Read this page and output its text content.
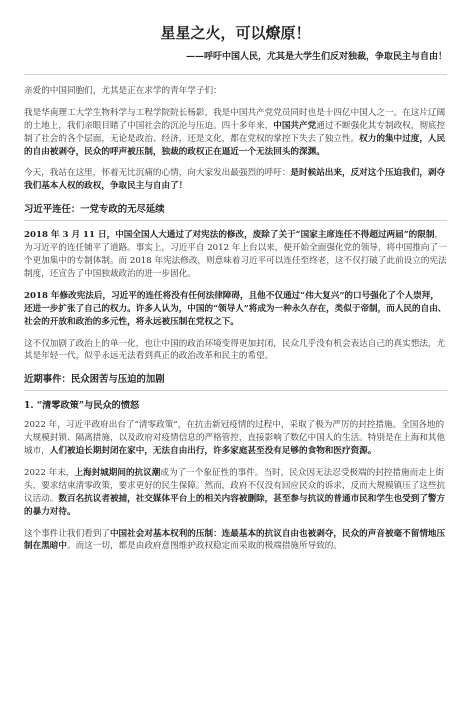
星星之火，可以燎原！
——呼吁中国人民，尤其是大学生们反对独裁，争取民主与自由！

亲爱的中国同胞们，尤其是正在求学的青年学子们：

我是华南理工大学生物科学与工程学院院长杨影，我是中国共产党党员同时也是十四亿中国人之一。在这片辽阔的土地上，我们亲眼目睹了中国社会的沉沦与压迫。四十多年来，中国共产党通过不断强化其专制政权，彻底控制了社会的各个层面，无论是政治、经济，还是文化，都在党权的掌控下失去了独立性。权力的集中过度，人民的自由被剥夺，民众的呼声被压制，独裁的政权正在逼近一个无法回头的深渊。

今天，我站在这里，怀着无比沉痛的心情，向大家发出最强烈的呼吁：是时候站出来，反对这个压迫我们，剥夺我们基本人权的政权，争取民主与自由了！

习近平连任：一党专政的无尽延续

2018 年 3 月 11 日，中国全国人大通过了对宪法的修改，废除了关于“国家主席连任不得超过两届”的限制，为习近平的连任铺平了道路。事实上，习近平自 2012 年上台以来，便开始全面强化党的领导，将中国推向了一个更加集中的专制体制。而 2018 年宪法修改，则意味着习近平可以连任至终老，这不仅打破了此前设立的宪法制度，还宣告了中国独裁政治的进一步固化。

2018 年修改宪法后，习近平的连任将没有任何法律障碍，且他不仅通过“伟大复兴”的口号强化了个人崇拜，还进一步扩张了自己的权力。许多人认为，中国的“领导人”将成为一种永久存在，类似于帝制，而人民的自由、社会的开放和政治的多元性，将永远被压制在党权之下。

这不仅加剧了政治上的单一化，也让中国的政治环境变得更加封闭，民众几乎没有机会表达自己的真实想法，尤其是年轻一代，似乎永远无法看到真正的政治改革和民主的希望。

近期事件：民众困苦与压迫的加剧
1. “清零政策”与民众的愤怒

2022 年，习近平政府出台了“清零政策”，在抗击新冠疫情的过程中，采取了极为严厉的封控措施。全国各地的大规模封锁、隔离措施，以及政府对疫情信息的严格管控，直接影响了数亿中国人的生活。特别是在上海和其他城市，人们被迫长期封闭在家中，无法自由出行，许多家庭甚至没有足够的食物和医疗资源。

2022 年末，上海封城期间的抗议潮成为了一个象征性的事件。当时，民众因无法忍受极端的封控措施而走上街头，要求结束清零政策，要求更好的民生保障。然而，政府不仅没有回应民众的诉求，反而大规模镇压了这些抗议活动。数百名抗议者被捕，社交媒体平台上的相关内容被删除，甚至参与抗议的普通市民和学生也受到了警方的暴力对待。

这个事件让我们看到了中国社会对基本权利的压制：连最基本的抗议自由也被剥夺，民众的声音被毫不留情地压制在黑暗中。而这一切，都是由政府意图维护政权稳定而采取的极端措施所导致的。
